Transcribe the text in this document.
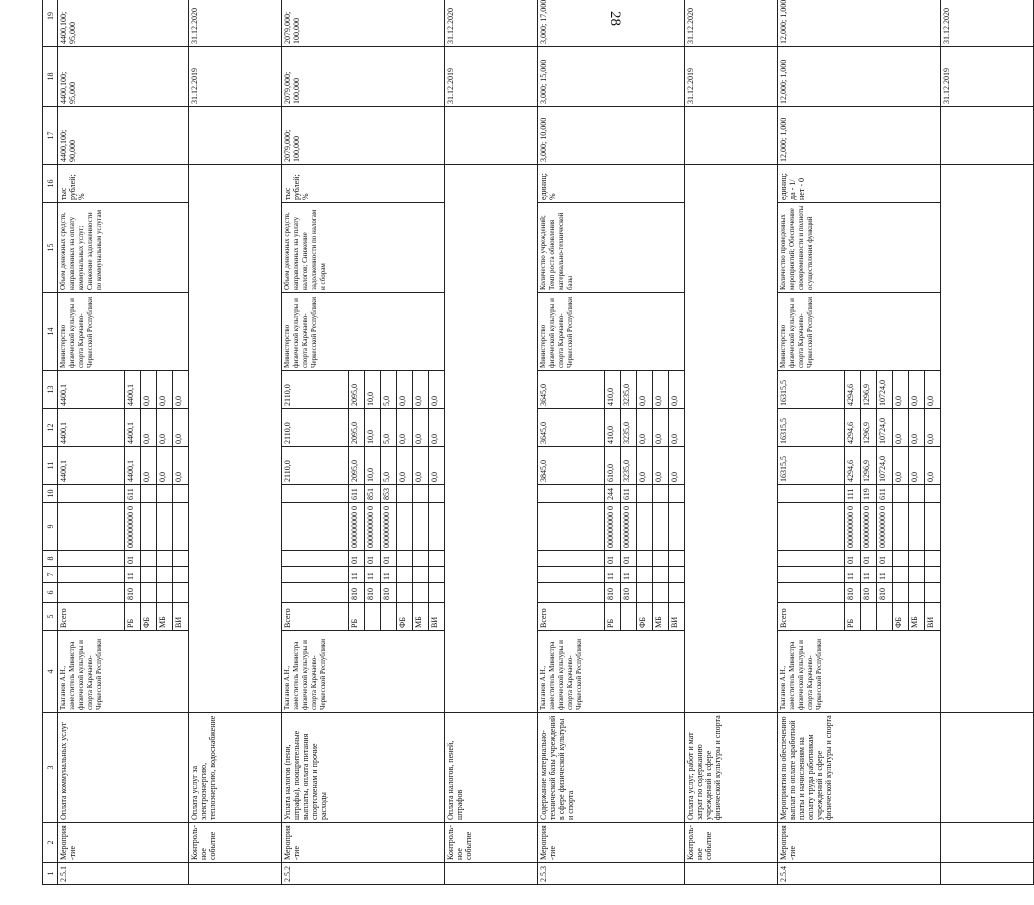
28
1	2	3	4	5	6	7	8	9	10	11	12	13	14	15	16	17	18	19	
2.5.1	Мероприя-тие	Оплата коммунальных услуг	Ткаганов А.Н., заместитель Министра физической культуры и спорта Карачаево-Черкесской Республики	Всего						4400,1	4400,1	4400,1	Министерство физической культуры и спорта Карачаево-Черкесской Республики	Объем денежных средств, направленных на оплату коммунальных услуг; Снижение задолженности по коммунальным услугам	тыс рублей; %	4400,100; 90,000	4400,100; 95,000	4400,100; 95,000	
				РБ	810	11	01	000000000 0	611	4400,1	4400,1	4400,1							
				ФБ						0,0	0,0	0,0							
				МБ						0,0	0,0	0,0							
				ВИ						0,0	0,0	0,0							
	Контроль-ное событие	Оплата услуг за электроэнергию, теплоэнергию, водоснабжение															31.12.2019	31.12.2020	
2.5.2	Мероприя-тие	Уплата налогов (пени, штрафы), поощрительные выплаты, оплата питания спортсменам и прочие расходы	Ткаганов А.Н., заместитель Министра физической культуры и спорта Карачаево-Черкесской Республики	Всего						2110,0	2110,0	2110,0	Министерство физической культуры и спорта Карачаево-Черкесской Республики	Объем денежных средств, направленных на уплату налогов; Снижение задолженности по налогам и сборам	тыс рублей; %	2079,000; 100,000	2079,000; 100,000	2079,000; 100,000	
				РБ	810	11	01	000000000 0	611	2095,0	2095,0	2095,0							
					810	11	01	000000000 0	851	10,0	10,0	10,0							
					810	11	01	000000000 0	853	5,0	5,0	5,0							
				ФБ						0,0	0,0	0,0							
				МБ						0,0	0,0	0,0							
				ВИ						0,0	0,0	0,0							
	Контроль-ное событие	Оплата налогов, пеней, штрафов															31.12.2019	31.12.2020	
2.5.3	Мероприя-тие	Содержание материально-технической базы учреждений в сфере физической культуры и спорта	Ткаганов А.Н., заместитель Министра физической культуры и спорта Карачаево-Черкесской Республики	Всего						3845,0	3645,0	3645,0	Министерство физической культуры и спорта Карачаево-Черкесской Республики	Количество учреждений; Темп роста обновления материально-технической базы	единиц; %	3,000; 10,000	3,000; 15,000	3,000; 17,000	
				РБ	810	11	01	000000000 0	244	610,0	410,0	410,0							
					810	11	01	000000000 0	611	3235,0	3235,0	3235,0							
				ФБ						0,0	0,0	0,0							
				МБ						0,0	0,0	0,0							
				ВИ						0,0	0,0	0,0							
	Контроль-ное событие	Оплата услуг, работ и мат затрат по содержанию учреждений в сфере физической культуры и спорта															31.12.2019	31.12.2020	
2.5.4	Мероприя-тие	Мероприятия по обеспечению выплат по оплате заработной платы и начислениям на оплату труда работникам учреждений в сфере физической культуры и спорта	Ткаганов А.Н., заместитель Министра физической культуры и спорта Карачаево-Черкесской Республики	Всего						16315,5	16315,5	16315,5	Министерство физической культуры и спорта Карачаево-Черкесской Республики	Количество проведенных мероприятий; Обеспечение своевременности и полноты осуществления функций	единиц; да - 1/ нет - 0	12,000; 1,000	12,000; 1,000	12,000; 1,000	
				РБ	810	11	01	000000000 0	111	4294,6	4294,6	4294,6							
					810	11	01	000000000 0	119	1296,9	1296,9	1296,9							
					810	11	01	000000000 0	611	10724,0	10724,0	10724,0							
				ФБ						0,0	0,0	0,0							
				МБ						0,0	0,0	0,0							
				ВИ						0,0	0,0	0,0							
																	31.12.2019	31.12.2020	
